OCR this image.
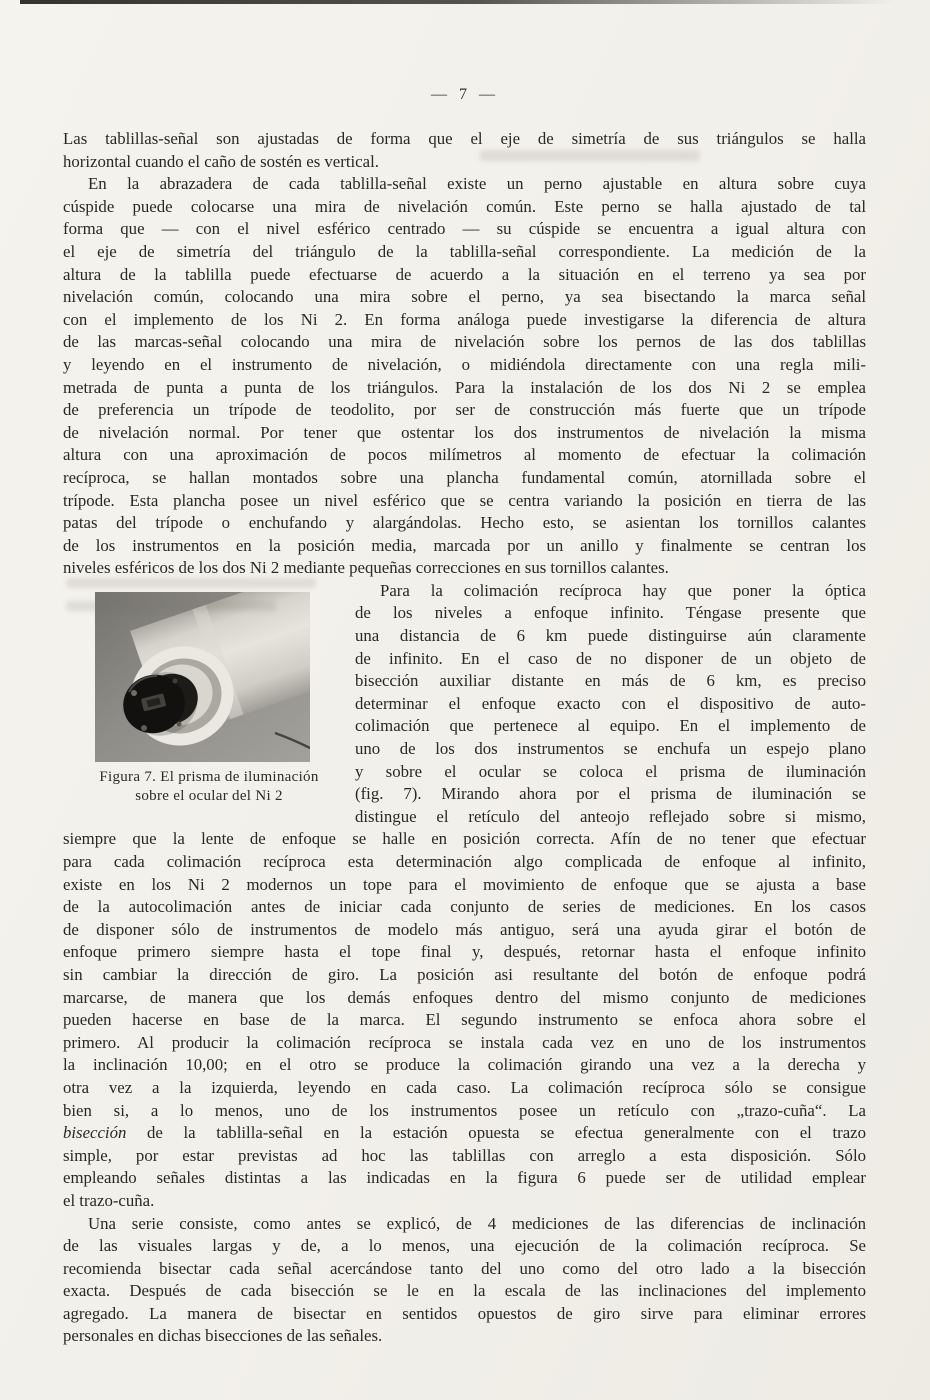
— 7 —
Las tablillas-señal son ajustadas de forma que el eje de simetría de sus triángulos se halla
horizontal cuando el caño de sostén es vertical.
En la abrazadera de cada tablilla-señal existe un perno ajustable en altura sobre cuya
cúspide puede colocarse una mira de nivelación común. Este perno se halla ajustado de tal
forma que — con el nivel esférico centrado — su cúspide se encuentra a igual altura con
el eje de simetría del triángulo de la tablilla-señal correspondiente. La medición de la
altura de la tablilla puede efectuarse de acuerdo a la situación en el terreno ya sea por
nivelación común, colocando una mira sobre el perno, ya sea bisectando la marca señal
con el implemento de los Ni 2. En forma análoga puede investigarse la diferencia de altura
de las marcas-señal colocando una mira de nivelación sobre los pernos de las dos tablillas
y leyendo en el instrumento de nivelación, o midiéndola directamente con una regla mili-
metrada de punta a punta de los triángulos. Para la instalación de los dos Ni 2 se emplea
de preferencia un trípode de teodolito, por ser de construcción más fuerte que un trípode
de nivelación normal. Por tener que ostentar los dos instrumentos de nivelación la misma
altura con una aproximación de pocos milímetros al momento de efectuar la colimación
recíproca, se hallan montados sobre una plancha fundamental común, atornillada sobre el
trípode. Esta plancha posee un nivel esférico que se centra variando la posición en tierra de las
patas del trípode o enchufando y alargándolas. Hecho esto, se asientan los tornillos calantes
de los instrumentos en la posición media, marcada por un anillo y finalmente se centran los
niveles esféricos de los dos Ni 2 mediante pequeñas correcciones en sus tornillos calantes.
Figura 7. El prisma de iluminación
sobre el ocular del Ni 2
Para la colimación recíproca hay que poner la óptica
de los niveles a enfoque infinito. Téngase presente que
una distancia de 6 km puede distinguirse aún claramente
de infinito. En el caso de no disponer de un objeto de
bisección auxiliar distante en más de 6 km, es preciso
determinar el enfoque exacto con el dispositivo de auto-
colimación que pertenece al equipo. En el implemento de
uno de los dos instrumentos se enchufa un espejo plano
y sobre el ocular se coloca el prisma de iluminación
(fig. 7). Mirando ahora por el prisma de iluminación se
distingue el retículo del anteojo reflejado sobre si mismo,
siempre que la lente de enfoque se halle en posición correcta. Afín de no tener que efectuar
para cada colimación recíproca esta determinación algo complicada de enfoque al infinito,
existe en los Ni 2 modernos un tope para el movimiento de enfoque que se ajusta a base
de la autocolimación antes de iniciar cada conjunto de series de mediciones. En los casos
de disponer sólo de instrumentos de modelo más antiguo, será una ayuda girar el botón de
enfoque primero siempre hasta el tope final y, después, retornar hasta el enfoque infinito
sin cambiar la dirección de giro. La posición asi resultante del botón de enfoque podrá
marcarse, de manera que los demás enfoques dentro del mismo conjunto de mediciones
pueden hacerse en base de la marca. El segundo instrumento se enfoca ahora sobre el
primero. Al producir la colimación recíproca se instala cada vez en uno de los instrumentos
la inclinación 10,00; en el otro se produce la colimación girando una vez a la derecha y
otra vez a la izquierda, leyendo en cada caso. La colimación recíproca sólo se consigue
bien si, a lo menos, uno de los instrumentos posee un retículo con „trazo-cuña“. La
bisección de la tablilla-señal en la estación opuesta se efectua generalmente con el trazo
simple, por estar previstas ad hoc las tablillas con arreglo a esta disposición. Sólo
empleando señales distintas a las indicadas en la figura 6 puede ser de utilidad emplear
el trazo-cuña.
Una serie consiste, como antes se explicó, de 4 mediciones de las diferencias de inclinación
de las visuales largas y de, a lo menos, una ejecución de la colimación recíproca. Se
recomienda bisectar cada señal acercándose tanto del uno como del otro lado a la bisección
exacta. Después de cada bisección se le en la escala de las inclinaciones del implemento
agregado. La manera de bisectar en sentidos opuestos de giro sirve para eliminar errores
personales en dichas bisecciones de las señales.
